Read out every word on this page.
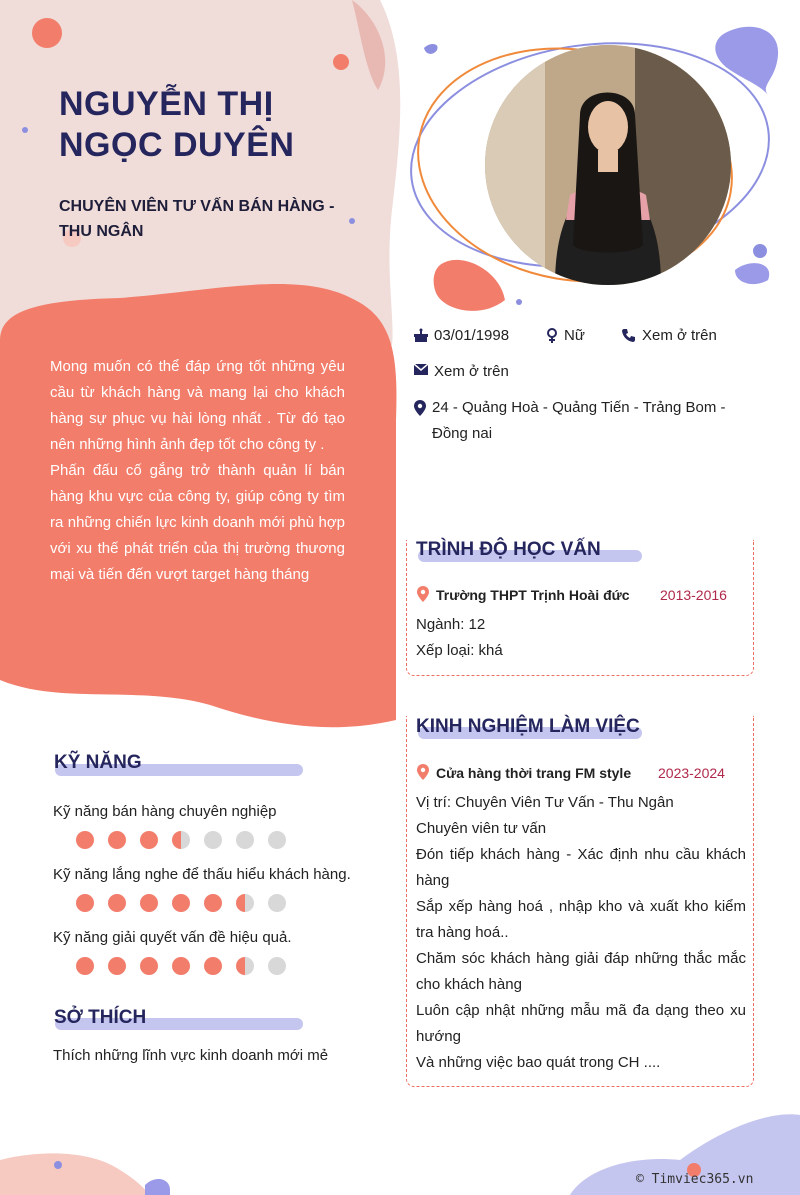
NGUYỄN THỊ NGỌC DUYÊN
CHUYÊN VIÊN TƯ VẤN BÁN HÀNG - THU NGÂN
Mong muốn có thể đáp ứng tốt những yêu cầu từ khách hàng và mang lại cho khách hàng sự phục vụ hài lòng nhất . Từ đó tạo nên những hình ảnh đẹp tốt cho công ty .
Phấn đấu cố gắng trở thành quản lí bán hàng khu vực của công ty, giúp công ty tìm ra những chiến lực kinh doanh mới phù hợp với xu thế phát triển của thị trường thương mại và tiến đến vượt target hàng tháng
03/01/1998	Nữ	Xem ở trên
Xem ở trên
24 - Quảng Hoà - Quảng Tiến - Trảng Bom - Đồng nai
KỸ NĂNG
Kỹ năng bán hàng chuyên nghiệp
Kỹ năng lắng nghe để thấu hiểu khách hàng.
Kỹ năng giải quyết vấn đề hiệu quả.
SỞ THÍCH
Thích những lĩnh vực kinh doanh mới mẻ
TRÌNH ĐỘ HỌC VẤN
Trường THPT Trịnh Hoài đức 2013-2016
Ngành: 12
Xếp loại: khá
KINH NGHIỆM LÀM VIỆC
Cửa hàng thời trang FM style 2023-2024
Vị trí: Chuyên Viên Tư Vấn - Thu Ngân
Chuyên viên tư vấn
Đón tiếp khách hàng - Xác định nhu cầu khách hàng
Sắp xếp hàng hoá , nhập kho và xuất kho kiểm tra hàng hoá..
Chăm sóc khách hàng giải đáp những thắc mắc cho khách hàng
Luôn cập nhật những mẫu mã đa dạng theo xu hướng
Và những việc bao quát trong CH ....
© Timviec365.vn
